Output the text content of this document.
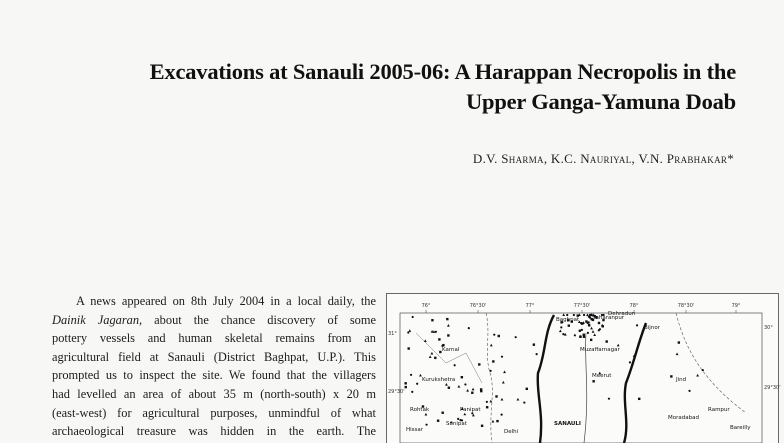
Excavations at Sanauli 2005-06: A Harappan Necropolis in the
Upper Ganga-Yamuna Doab
D.V. Sharma, K.C. Nauriyal, V.N. Prabhakar*
A news appeared on 8th July 2004 in a local daily, the
Dainik Jagaran, about the chance discovery of some
pottery vessels and human skeletal remains from an
agricultural field at Sanauli (District Baghpat, U.P.). This
prompted us to inspect the site. We found that the villagers
had levelled an area of about 35 m (north-south) x 20 m
(east-west) for agricultural purposes, unmindful of what
archaeological treasure was hidden in the earth. The
76°	76°30'	77°	77°30'	78°	78°30'	79°
31°
29°30'
30°
29°30'
Baghpat Saharanpur
Dehradun
Bijnor
Muzaffarnagar
Meerut
Karnal
Kurukshetra
Panipat
Sonipat
Delhi
SANAULI
Moradabad
Rampur
Bareilly
Rohtak
Hissar
Jind
